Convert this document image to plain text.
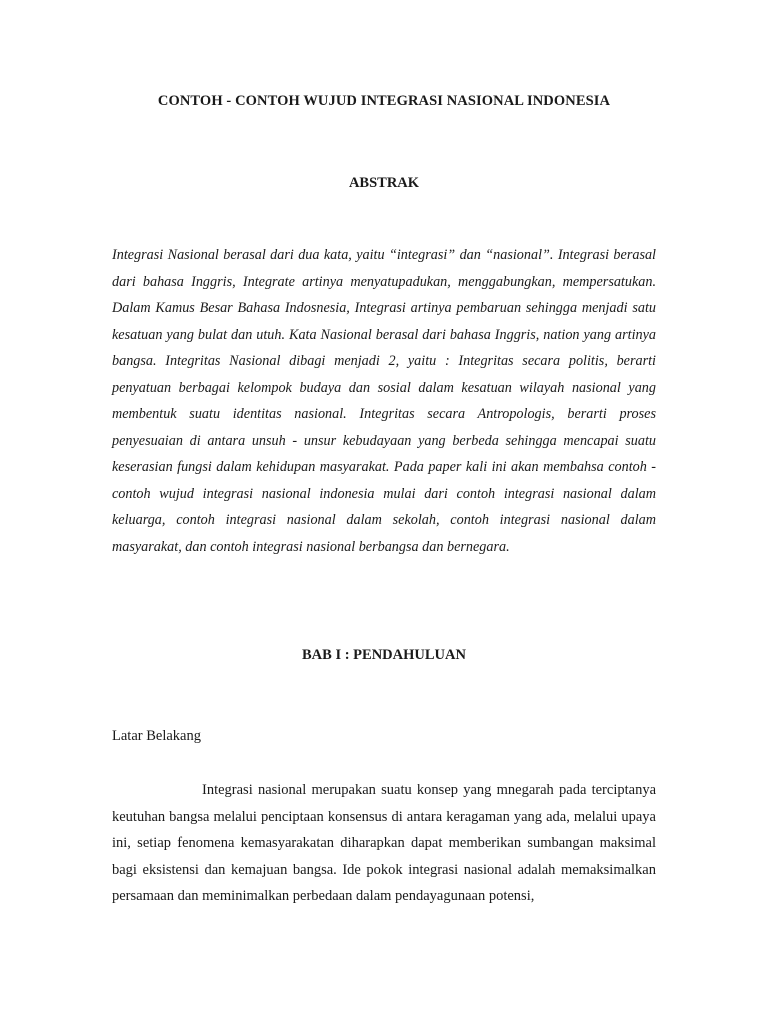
CONTOH - CONTOH WUJUD INTEGRASI NASIONAL INDONESIA
ABSTRAK

Integrasi Nasional berasal dari dua kata, yaitu “integrasi” dan “nasional”. Integrasi berasal dari bahasa Inggris, Integrate artinya menyatupadukan, menggabungkan, mempersatukan. Dalam Kamus Besar Bahasa Indosnesia, Integrasi artinya pembaruan sehingga menjadi satu kesatuan yang bulat dan utuh. Kata Nasional berasal dari bahasa Inggris, nation yang artinya bangsa. Integritas Nasional dibagi menjadi 2, yaitu : Integritas secara politis, berarti penyatuan berbagai kelompok budaya dan sosial dalam kesatuan wilayah nasional yang membentuk suatu identitas nasional. Integritas secara Antropologis, berarti proses penyesuaian di antara unsuh - unsur kebudayaan yang berbeda sehingga mencapai suatu keserasian fungsi dalam kehidupan masyarakat. Pada paper kali ini akan membahsa contoh - contoh wujud integrasi nasional indonesia mulai dari contoh integrasi nasional dalam keluarga, contoh integrasi nasional dalam sekolah, contoh integrasi nasional dalam masyarakat, dan contoh integrasi nasional berbangsa dan bernegara.

BAB I : PENDAHULUAN
Latar Belakang

Integrasi nasional merupakan suatu konsep yang mnegarah pada terciptanya keutuhan bangsa melalui penciptaan konsensus di antara keragaman yang ada, melalui upaya ini, setiap fenomena kemasyarakatan diharapkan dapat memberikan sumbangan maksimal bagi eksistensi dan kemajuan bangsa. Ide pokok integrasi nasional adalah memaksimalkan persamaan dan meminimalkan perbedaan dalam pendayagunaan potensi,
